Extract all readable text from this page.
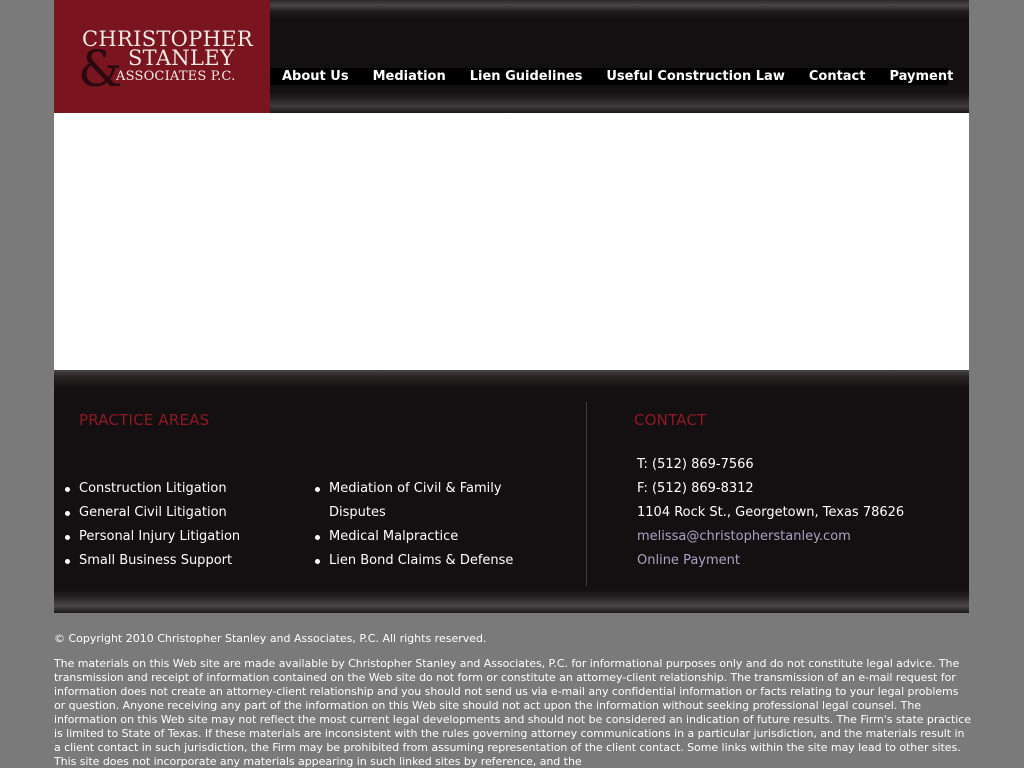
&
CHRISTOPHER
STANLEY
ASSOCIATES P.C.	About Us Mediation Lien Guidelines Useful Construction Law Contact Payment
PRACTICE AREAS
Construction Litigation
General Civil Litigation
Personal Injury Litigation
Small Business Support
Mediation of Civil & Family
Disputes
Medical Malpractice
Lien Bond Claims & Defense
CONTACT
T: (512) 869-7566
F: (512) 869-8312
1104 Rock St., Georgetown, Texas 78626
melissa@christopherstanley.com
Online Payment
© Copyright 2010 Christopher Stanley and Associates, P.C. All rights reserved.
The materials on this Web site are made available by Christopher Stanley and Associates, P.C. for informational purposes only and do not constitute legal advice. The transmission and receipt of information contained on the Web site do not form or constitute an attorney-client relationship. The transmission of an e-mail request for information does not create an attorney-client relationship and you should not send us via e-mail any confidential information or facts relating to your legal problems or question. Anyone receiving any part of the information on this Web site should not act upon the information without seeking professional legal counsel. The information on this Web site may not reflect the most current legal developments and should not be considered an indication of future results. The Firm's state practice is limited to State of Texas. If these materials are inconsistent with the rules governing attorney communications in a particular jurisdiction, and the materials result in a client contact in such jurisdiction, the Firm may be prohibited from assuming representation of the client contact. Some links within the site may lead to other sites. This site does not incorporate any materials appearing in such linked sites by reference, and the
